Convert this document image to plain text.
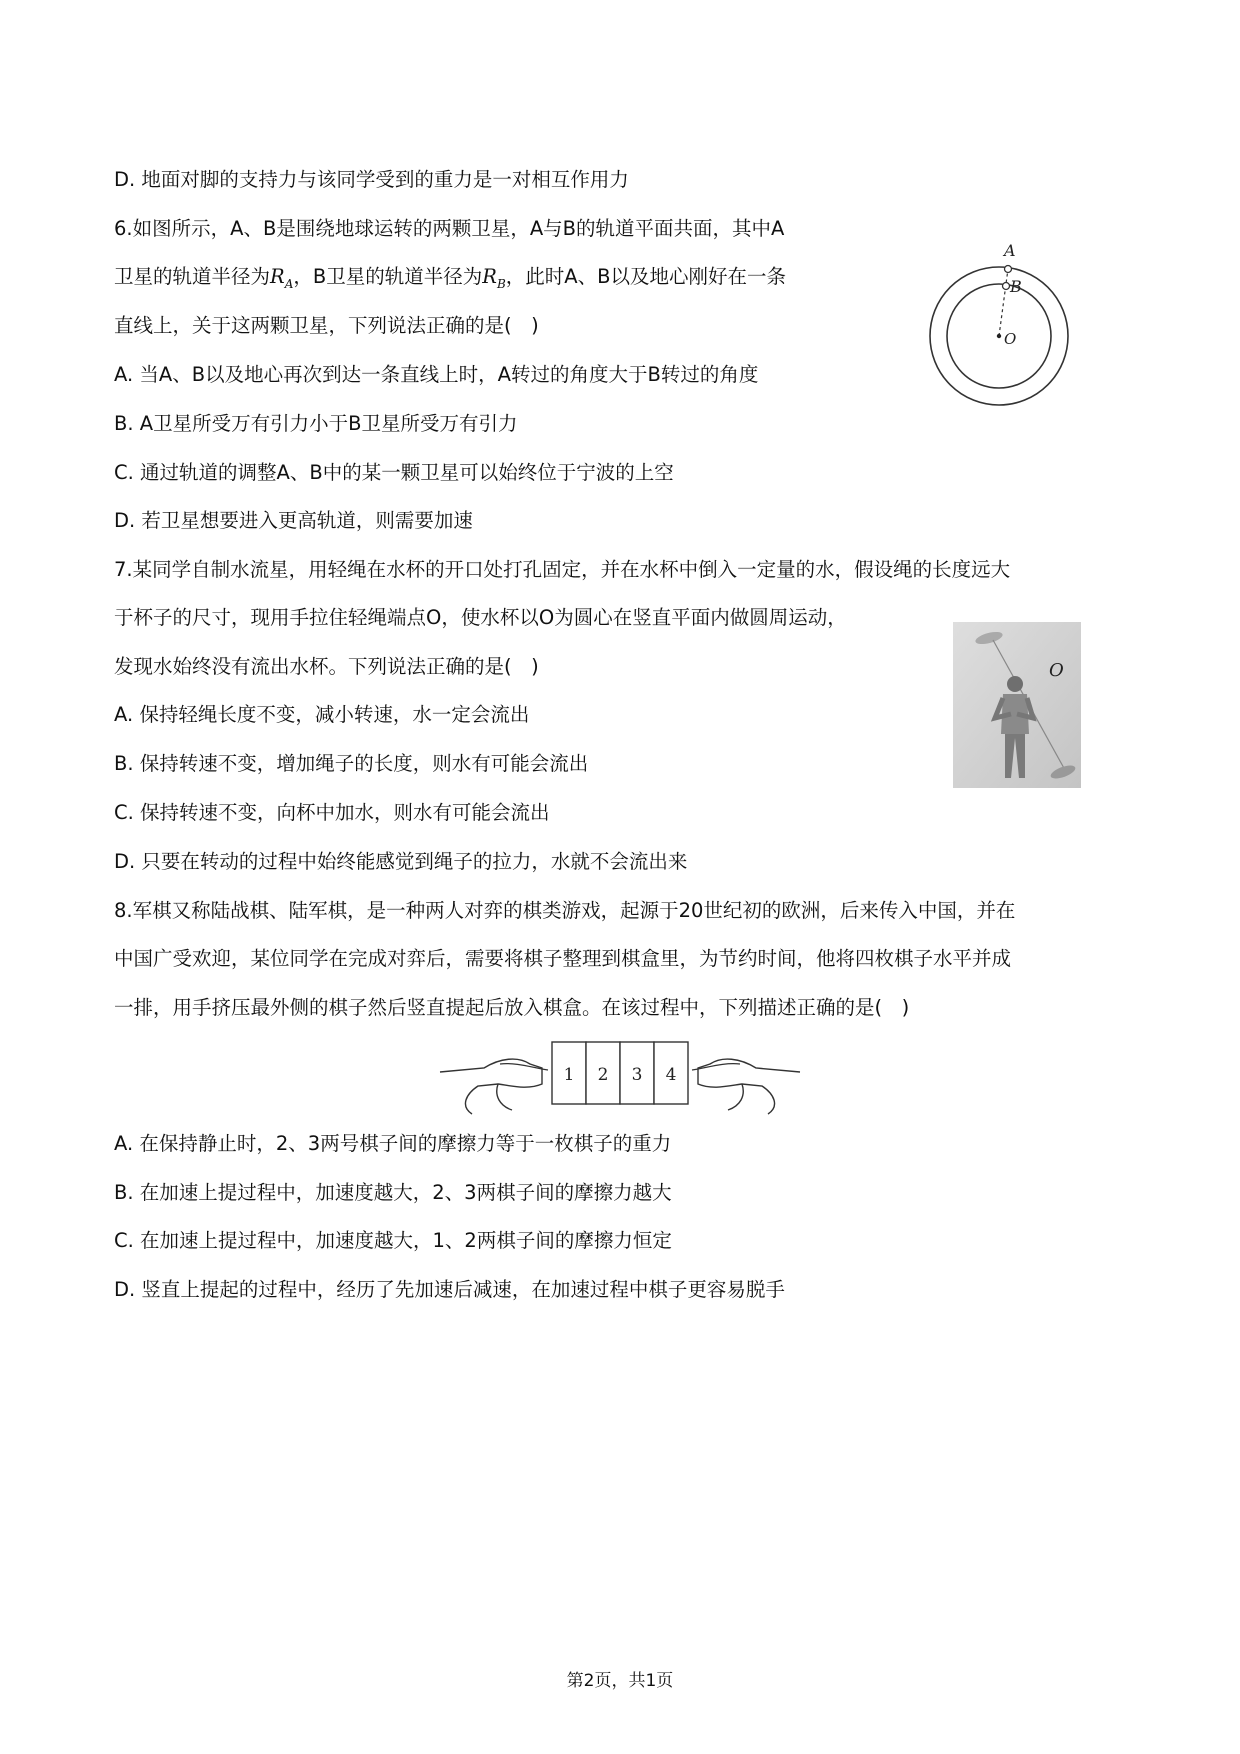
D. 地面对脚的支持力与该同学受到的重力是一对相互作用力
6.如图所示，A、B是围绕地球运转的两颗卫星，A与B的轨道平面共面，其中A
卫星的轨道半径为$R_A$，B卫星的轨道半径为$R_B$，此时A、B以及地心刚好在一条
直线上，关于这两颗卫星，下列说法正确的是(　)
A. 当A、B以及地心再次到达一条直线上时，A转过的角度大于B转过的角度
B. A卫星所受万有引力小于B卫星所受万有引力
C. 通过轨道的调整A、B中的某一颗卫星可以始终位于宁波的上空
D. 若卫星想要进入更高轨道，则需要加速
A
B
O
7.某同学自制水流星，用轻绳在水杯的开口处打孔固定，并在水杯中倒入一定量的水，假设绳的长度远大
于杯子的尺寸，现用手拉住轻绳端点O，使水杯以O为圆心在竖直平面内做圆周运动，
发现水始终没有流出水杯。下列说法正确的是(　)
A. 保持轻绳长度不变，减小转速，水一定会流出
B. 保持转速不变，增加绳子的长度，则水有可能会流出
C. 保持转速不变，向杯中加水，则水有可能会流出
D. 只要在转动的过程中始终能感觉到绳子的拉力，水就不会流出来
O
8.军棋又称陆战棋、陆军棋，是一种两人对弈的棋类游戏，起源于20世纪初的欧洲，后来传入中国，并在
中国广受欢迎，某位同学在完成对弈后，需要将棋子整理到棋盒里，为节约时间，他将四枚棋子水平并成
一排，用手挤压最外侧的棋子然后竖直提起后放入棋盒。在该过程中，下列描述正确的是(　)
1 2 3 4
A. 在保持静止时，2、3两号棋子间的摩擦力等于一枚棋子的重力
B. 在加速上提过程中，加速度越大，2、3两棋子间的摩擦力越大
C. 在加速上提过程中，加速度越大，1、2两棋子间的摩擦力恒定
D. 竖直上提起的过程中，经历了先加速后减速，在加速过程中棋子更容易脱手
第2页，共1页
